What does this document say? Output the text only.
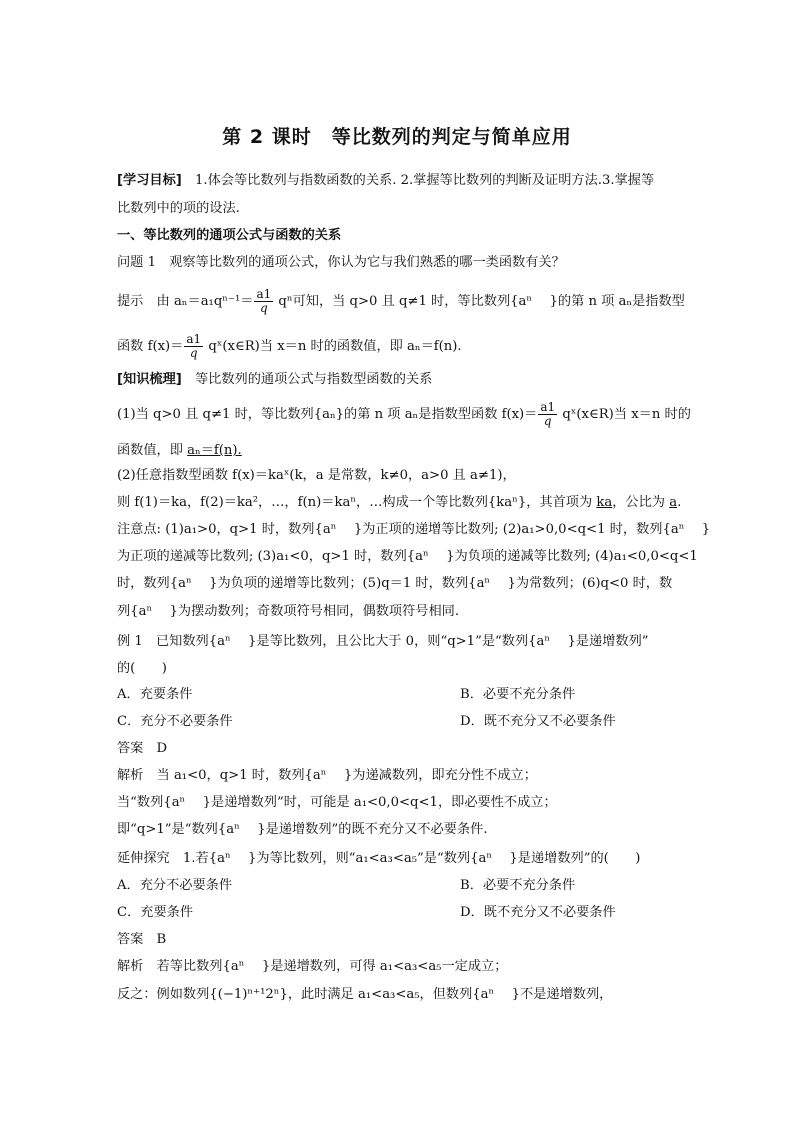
第 2 课时　等比数列的判定与简单应用
[学习目标]　1.体会等比数列与指数函数的关系. 2.掌握等比数列的判断及证明方法.3.掌握等
比数列中的项的设法.
一、等比数列的通项公式与函数的关系
问题 1　观察等比数列的通项公式，你认为它与我们熟悉的哪一类函数有关？
提示　由 $a_n=a_1q^{n-1}= \frac{a1}{q}$ qⁿ可知，当 q>0 且 q≠1 时，等比数列{aⁿ　 }的第 n 项 aₙ是指数型
函数 $f(x)= \frac{a1}{q}$ qˣ(x∈R)当 x＝n 时的函数值，即 aₙ＝f(n).
[知识梳理]　等比数列的通项公式与指数型函数的关系
(1)当 q>0 且 q≠1 时，等比数列{aₙ}的第 n 项 aₙ是指数型函数 $f(x)= \frac{a1}{q}$ qˣ(x∈R)当 x＝n 时的
函数值，即 aₙ＝f(n).
(2)任意指数型函数 f(x)＝kaˣ(k，a 是常数，k≠0，a>0 且 a≠1)，
则 f(1)＝ka，f(2)＝ka²，…，f(n)＝kaⁿ，…构成一个等比数列{kaⁿ}，其首项为 ka，公比为 a.
注意点: (1)a₁>0，q>1 时，数列{aⁿ　 }为正项的递增等比数列; (2)a₁>0,0<q<1 时，数列{aⁿ　 }
为正项的递减等比数列; (3)a₁<0，q>1 时，数列{aⁿ　 }为负项的递减等比数列; (4)a₁<0,0<q<1
时，数列{aⁿ　 }为负项的递增等比数列；(5)q＝1 时，数列{aⁿ　 }为常数列；(6)q<0 时，数
列{aⁿ　 }为摆动数列；奇数项符号相同，偶数项符号相同.
例 1　已知数列{aⁿ　 }是等比数列，且公比大于 0，则“q>1”是“数列{aⁿ　 }是递增数列”
的(　　)
A．充要条件	B．必要不充分条件
C．充分不必要条件	D．既不充分又不必要条件
答案　D
解析　当 a₁<0，q>1 时，数列{aⁿ　 }为递减数列，即充分性不成立；
当“数列{aⁿ　 }是递增数列”时，可能是 a₁<0,0<q<1，即必要性不成立；
即“q>1”是“数列{aⁿ　 }是递增数列”的既不充分又不必要条件.
延伸探究　1.若{aⁿ　 }为等比数列，则“a₁<a₃<a₅”是“数列{aⁿ　 }是递增数列”的(　　)
A．充分不必要条件	B．必要不充分条件
C．充要条件	D．既不充分又不必要条件
答案　B
解析　若等比数列{aⁿ　 }是递增数列，可得 a₁<a₃<a₅一定成立；
反之：例如数列{(−1)ⁿ⁺¹2ⁿ}，此时满足 a₁<a₃<a₅，但数列{aⁿ　 }不是递增数列，
